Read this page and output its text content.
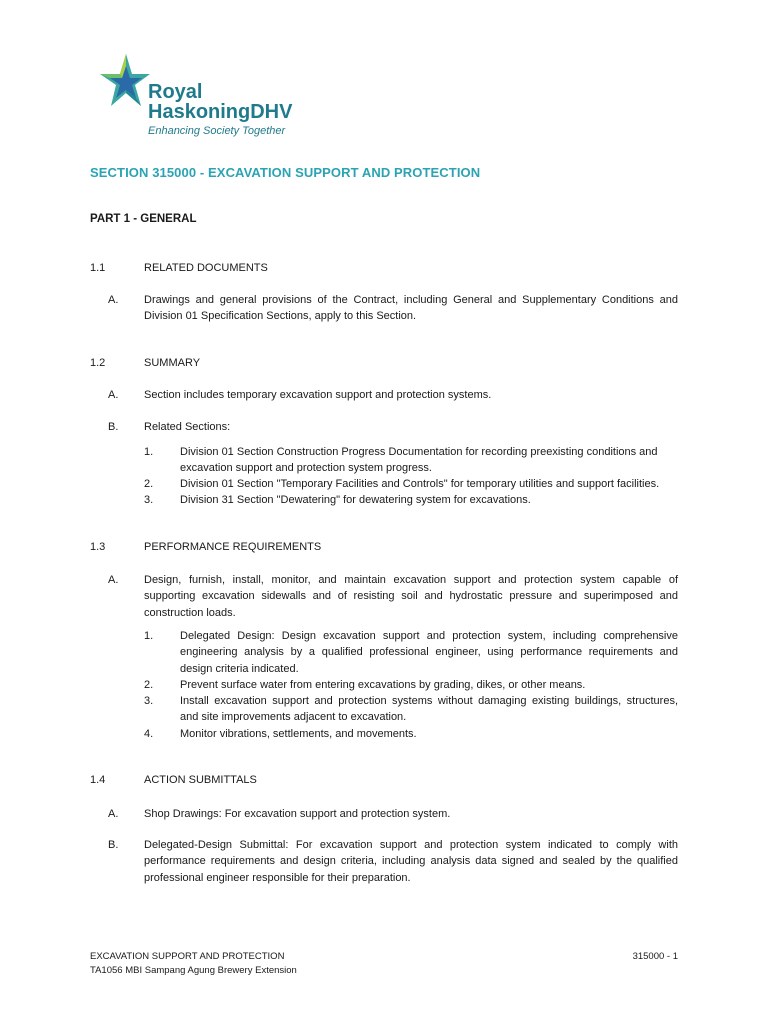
Royal
HaskoningDHV
Enhancing Society Together
SECTION 315000 - EXCAVATION SUPPORT AND PROTECTION
PART 1 - GENERAL
1.1	RELATED DOCUMENTS
A. Drawings and general provisions of the Contract, including General and Supplementary Conditions and
Division 01 Specification Sections, apply to this Section.
1.2	SUMMARY
A. Section includes temporary excavation support and protection systems.
B. Related Sections:
1. Division 01 Section Construction Progress Documentation for recording preexisting conditions and
excavation support and protection system progress.
2. Division 01 Section "Temporary Facilities and Controls" for temporary utilities and support facilities.
3. Division 31 Section "Dewatering" for dewatering system for excavations.
1.3	PERFORMANCE REQUIREMENTS
A. Design, furnish, install, monitor, and maintain excavation support and protection system capable of
supporting excavation sidewalls and of resisting soil and hydrostatic pressure and superimposed and
construction loads.
1. Delegated Design: Design excavation support and protection system, including comprehensive
engineering analysis by a qualified professional engineer, using performance requirements and
design criteria indicated.
2. Prevent surface water from entering excavations by grading, dikes, or other means.
3. Install excavation support and protection systems without damaging existing buildings, structures,
and site improvements adjacent to excavation.
4. Monitor vibrations, settlements, and movements.
1.4	ACTION SUBMITTALS
A. Shop Drawings: For excavation support and protection system.
B. Delegated-Design Submittal: For excavation support and protection system indicated to comply with
performance requirements and design criteria, including analysis data signed and sealed by the qualified
professional engineer responsible for their preparation.
EXCAVATION SUPPORT AND PROTECTION
TA1056 MBI Sampang Agung Brewery Extension
315000 - 1
